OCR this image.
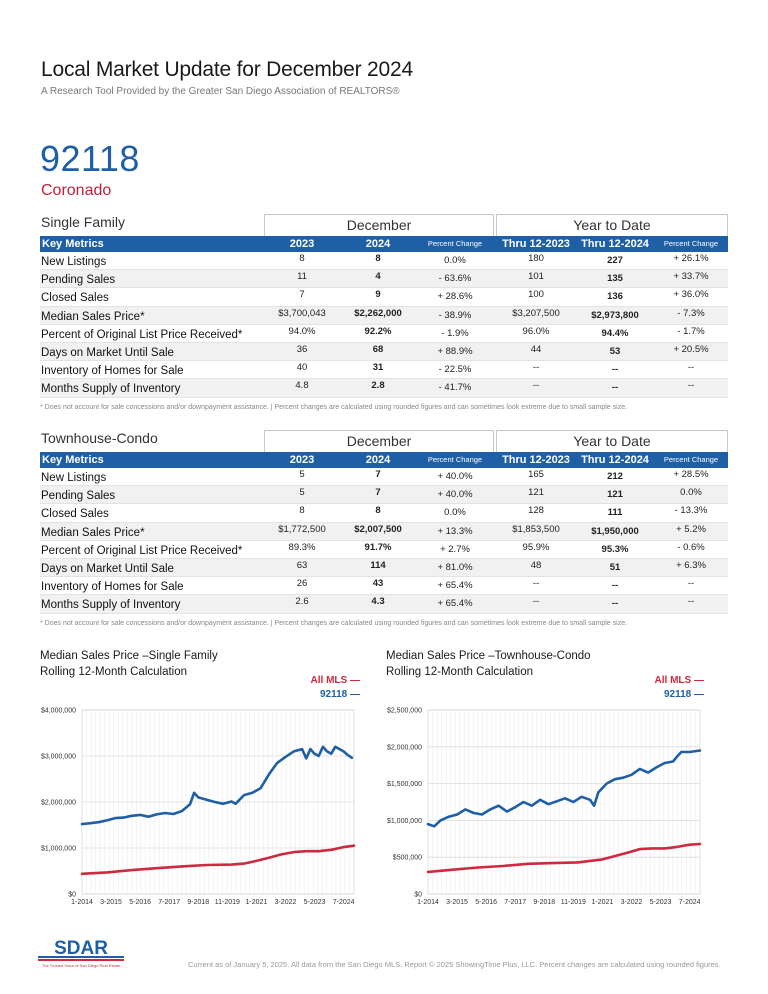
Local Market Update for December 2024
A Research Tool Provided by the Greater San Diego Association of REALTORS®
92118
Coronado
Single Family	December	Year to Date
Key Metrics	2023	2024	Percent Change	Thru 12-2023	Thru 12-2024	Percent Change
New Listings	8	8	0.0%	180	227	+ 26.1%
Pending Sales	11	4	- 63.6%	101	135	+ 33.7%
Closed Sales	7	9	+ 28.6%	100	136	+ 36.0%
Median Sales Price*	$3,700,043	$2,262,000	- 38.9%	$3,207,500	$2,973,800	- 7.3%
Percent of Original List Price Received*	94.0%	92.2%	- 1.9%	96.0%	94.4%	- 1.7%
Days on Market Until Sale	36	68	+ 88.9%	44	53	+ 20.5%
Inventory of Homes for Sale	40	31	- 22.5%	--	--	--
Months Supply of Inventory	4.8	2.8	- 41.7%	--	--	--
* Does not account for sale concessions and/or downpayment assistance. | Percent changes are calculated using rounded figures and can sometimes look extreme due to small sample size.
Townhouse-Condo	December	Year to Date
Key Metrics	2023	2024	Percent Change	Thru 12-2023	Thru 12-2024	Percent Change
New Listings	5	7	+ 40.0%	165	212	+ 28.5%
Pending Sales	5	7	+ 40.0%	121	121	0.0%
Closed Sales	8	8	0.0%	128	111	- 13.3%
Median Sales Price*	$1,772,500	$2,007,500	+ 13.3%	$1,853,500	$1,950,000	+ 5.2%
Percent of Original List Price Received*	89.3%	91.7%	+ 2.7%	95.9%	95.3%	- 0.6%
Days on Market Until Sale	63	114	+ 81.0%	48	51	+ 6.3%
Inventory of Homes for Sale	26	43	+ 65.4%	--	--	--
Months Supply of Inventory	2.6	4.3	+ 65.4%	--	--	--
* Does not account for sale concessions and/or downpayment assistance. | Percent changes are calculated using rounded figures and can sometimes look extreme due to small sample size.
Median Sales Price –Single Family
Rolling 12-Month Calculation
All MLS —
92118 —
$0
$1,000,000
$2,000,000
$3,000,000
$4,000,000
1-2014 3-2015 5-2016 7-2017 9-2018 11-2019 1-2021 3-2022 5-2023 7-2024
Median Sales Price –Townhouse-Condo
Rolling 12-Month Calculation
All MLS —
92118 —
$0
$500,000
$1,000,000
$1,500,000
$2,000,000
$2,500,000
1-2014 3-2015 5-2016 7-2017 9-2018 11-2019 1-2021 3-2022 5-2023 7-2024
SDAR
The Trusted Voice of San Diego Real Estate	Current as of January 5, 2025. All data from the San Diego MLS. Report © 2025 ShowingTime Plus, LLC. Percent changes are calculated using rounded figures.
